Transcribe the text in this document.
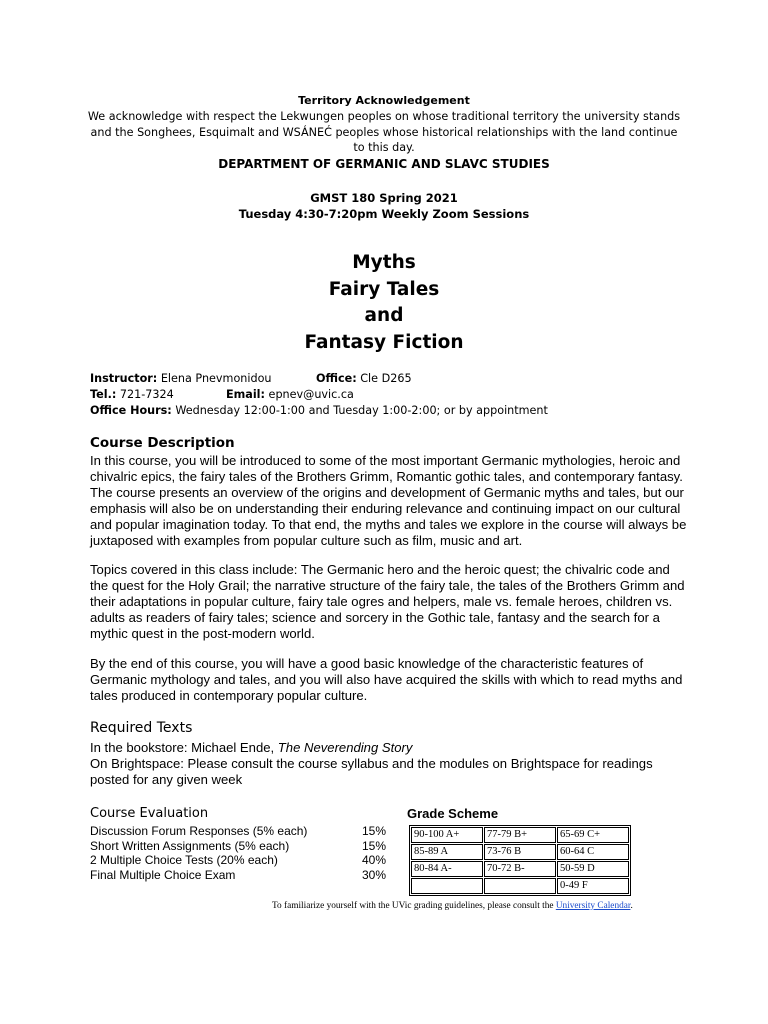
Territory Acknowledgement
We acknowledge with respect the Lekwungen peoples on whose traditional territory the university stands and the Songhees, Esquimalt and WSÁNEĆ peoples whose historical relationships with the land continue to this day.
DEPARTMENT OF GERMANIC AND SLAVC STUDIES
GMST 180 Spring 2021
Tuesday 4:30-7:20pm Weekly Zoom Sessions
Myths
Fairy Tales
and
Fantasy Fiction
Instructor: Elena Pnevmonidou	Office: Cle D265
Tel.: 721-7324	Email: epnev@uvic.ca
Office Hours: Wednesday 12:00-1:00 and Tuesday 1:00-2:00; or by appointment
Course Description
In this course, you will be introduced to some of the most important Germanic mythologies, heroic and chivalric epics, the fairy tales of the Brothers Grimm, Romantic gothic tales, and contemporary fantasy. The course presents an overview of the origins and development of Germanic myths and tales, but our emphasis will also be on understanding their enduring relevance and continuing impact on our cultural and popular imagination today. To that end, the myths and tales we explore in the course will always be juxtaposed with examples from popular culture such as film, music and art.
Topics covered in this class include: The Germanic hero and the heroic quest; the chivalric code and the quest for the Holy Grail; the narrative structure of the fairy tale, the tales of the Brothers Grimm and their adaptations in popular culture, fairy tale ogres and helpers, male vs. female heroes, children vs. adults as readers of fairy tales; science and sorcery in the Gothic tale, fantasy and the search for a mythic quest in the post-modern world.
By the end of this course, you will have a good basic knowledge of the characteristic features of Germanic mythology and tales, and you will also have acquired the skills with which to read myths and tales produced in contemporary popular culture.
Required Texts
In the bookstore: Michael Ende, The Neverending Story
On Brightspace: Please consult the course syllabus and the modules on Brightspace for readings posted for any given week
Course Evaluation
Discussion Forum Responses (5% each)	15%
Short Written Assignments (5% each)	15%
2 Multiple Choice Tests (20% each)	40%
Final Multiple Choice Exam	30%
Grade Scheme
90-100 A+	77-79 B+	65-69 C+
85-89 A	73-76 B	60-64 C
80-84 A-	70-72 B-	50-59 D
		0-49 F
To familiarize yourself with the UVic grading guidelines, please consult the University Calendar.
